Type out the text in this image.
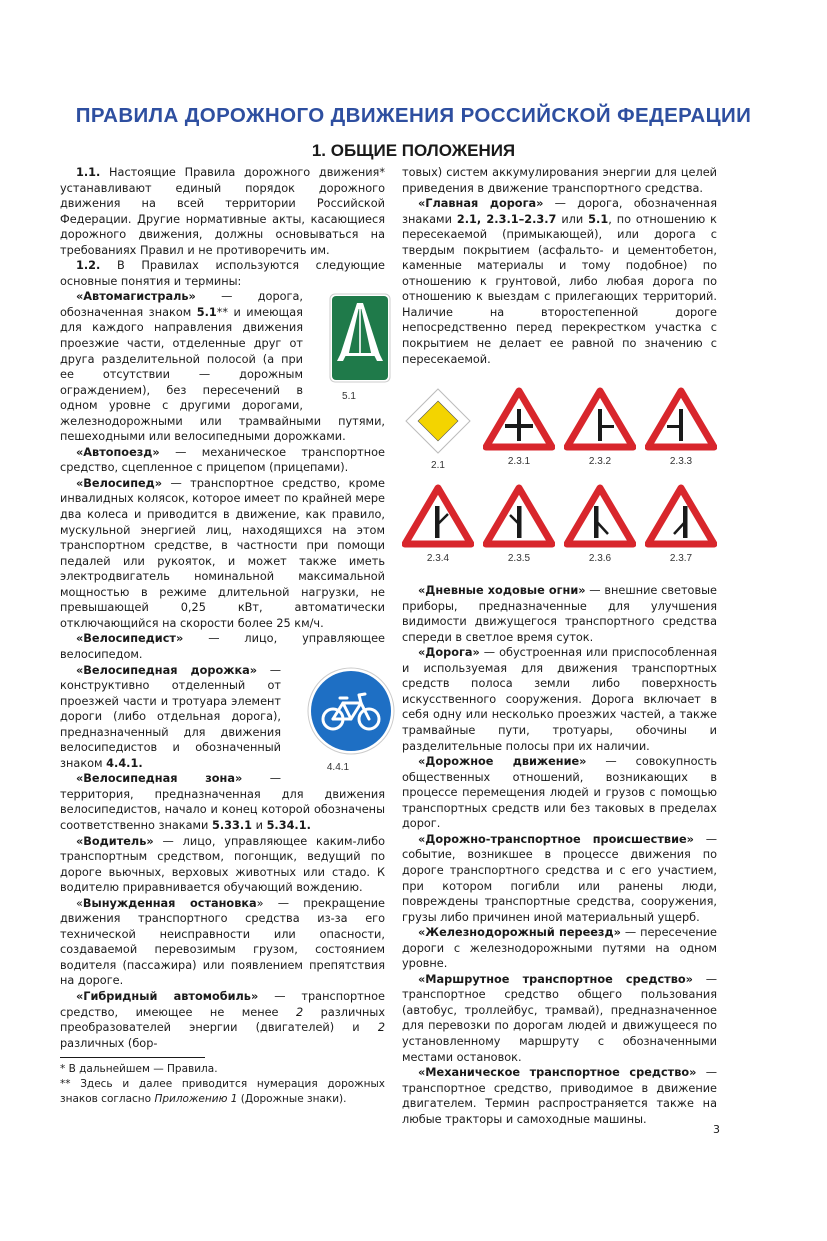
ПРАВИЛА ДОРОЖНОГО ДВИЖЕНИЯ РОССИЙСКОЙ ФЕДЕРАЦИИ
1. ОБЩИЕ ПОЛОЖЕНИЯ

1.1. Настоящие Правила дорожного движения* устанавливают единый порядок дорожного движения на всей территории Российской Федерации. Другие нормативные акты, касающиеся дорожного движения, должны основываться на требованиях Правил и не противоречить им.

1.2. В Правилах используются следующие основные понятия и термины:

5.1
«Автомагистраль» — дорога, обозначенная знаком 5.1** и имеющая для каждого направления движения проезжие части, отделенные друг от друга разделительной полосой (а при ее отсутствии — дорожным ограждением), без пересечений в одном уровне с другими дорогами, железнодорожными или трамвайными путями, пешеходными или велосипедными дорожками.

«Автопоезд» — механическое транспортное средство, сцепленное с прицепом (прицепами).

«Велосипед» — транспортное средство, кроме инвалидных колясок, которое имеет по крайней мере два колеса и приводится в движение, как правило, мускульной энергией лиц, находящихся на этом транспортном средстве, в частности при помощи педалей или рукояток, и может также иметь электродвигатель номинальной максимальной мощностью в режиме длительной нагрузки, не превышающей 0,25 кВт, автоматически отключающийся на скорости более 25 км/ч.

«Велосипедист» — лицо, управляющее велосипедом.

4.4.1
«Велосипедная дорожка» — конструктивно отделенный от проезжей части и тротуара элемент дороги (либо отдельная дорога), предназначенный для движения велосипедистов и обозначенный знаком 4.4.1.

«Велосипедная зона» — территория, предназначенная для движения велосипедистов, начало и конец которой обозначены соответственно знаками 5.33.1 и 5.34.1.

«Водитель» — лицо, управляющее каким-либо транспортным средством, погонщик, ведущий по дороге вьючных, верховых животных или стадо. К водителю приравнивается обучающий вождению.

«Вынужденная остановка» — прекращение движения транспортного средства из-за его технической неисправности или опасности, создаваемой перевозимым грузом, состоянием водителя (пассажира) или появлением препятствия на дороге.

«Гибридный автомобиль» — транспортное средство, имеющее не менее 2 различных преобразователей энергии (двигателей) и 2 различных (бор-

* В дальнейшем — Правила.

** Здесь и далее приводится нумерация дорожных знаков согласно Приложению 1 (Дорожные знаки).

товых) систем аккумулирования энергии для целей приведения в движение транспортного средства.

«Главная дорога» — дорога, обозначенная знаками 2.1, 2.3.1–2.3.7 или 5.1, по отношению к пересекаемой (примыкающей), или дорога с твердым покрытием (асфальто- и цементобетон, каменные материалы и тому подобное) по отношению к грунтовой, либо любая дорога по отношению к выездам с прилегающих территорий. Наличие на второстепенной дороге непосредственно перед перекрестком участка с покрытием не делает ее равной по значению с пересекаемой.

2.1	2.3.1	2.3.2	2.3.3
2.3.4	2.3.5	2.3.6	2.3.7

«Дневные ходовые огни» — внешние световые приборы, предназначенные для улучшения видимости движущегося транспортного средства спереди в светлое время суток.

«Дорога» — обустроенная или приспособленная и используемая для движения транспортных средств полоса земли либо поверхность искусственного сооружения. Дорога включает в себя одну или несколько проезжих частей, а также трамвайные пути, тротуары, обочины и разделительные полосы при их наличии.

«Дорожное движение» — совокупность общественных отношений, возникающих в процессе перемещения людей и грузов с помощью транспортных средств или без таковых в пределах дорог.

«Дорожно-транспортное происшествие» — событие, возникшее в процессе движения по дороге транспортного средства и с его участием, при котором погибли или ранены люди, повреждены транспортные средства, сооружения, грузы либо причинен иной материальный ущерб.

«Железнодорожный переезд» — пересечение дороги с железнодорожными путями на одном уровне.

«Маршрутное транспортное средство» — транспортное средство общего пользования (автобус, троллейбус, трамвай), предназначенное для перевозки по дорогам людей и движущееся по установленному маршруту с обозначенными местами остановок.

«Механическое транспортное средство» — транспортное средство, приводимое в движение двигателем. Термин распространяется также на любые тракторы и самоходные машины.

3
